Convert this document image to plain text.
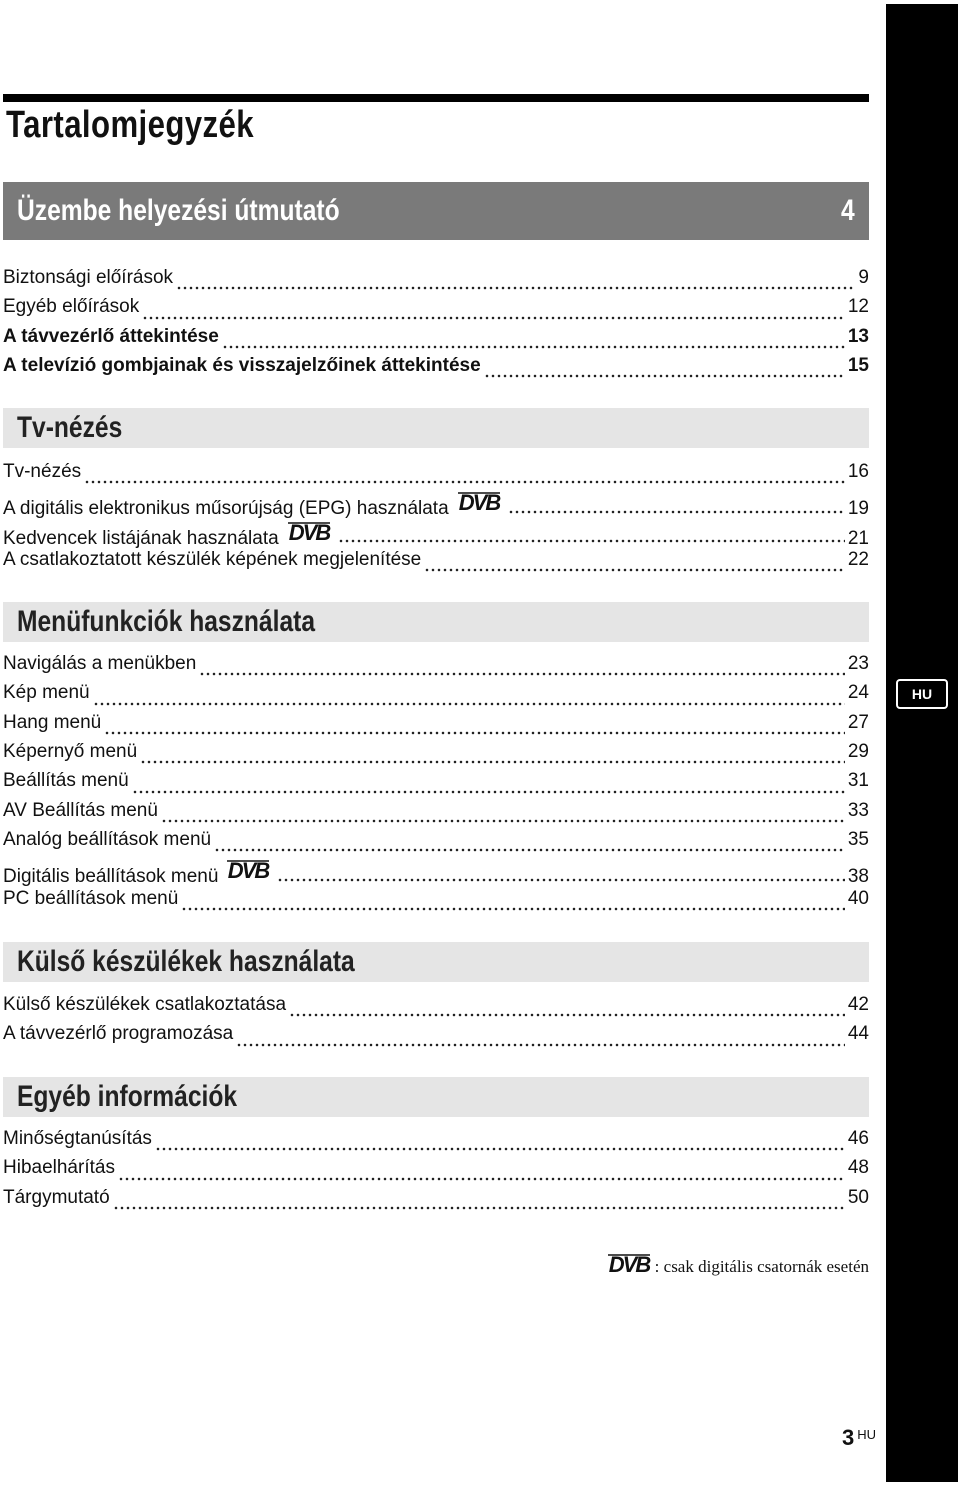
HU
Tartalomjegyzék
Üzembe helyezési útmutató	4
Biztonsági előírások	9
Egyéb előírások	12
A távvezérlő áttekintése	13
A televízió gombjainak és visszajelzőinek áttekintése	15
Tv-nézés
Tv-nézés	16
A digitális elektronikus műsorújság (EPG) használata DVB	19
Kedvencek listájának használata DVB	21
A csatlakoztatott készülék képének megjelenítése	22
Menüfunkciók használata
Navigálás a menükben	23
Kép menü	24
Hang menü	27
Képernyő menü	29
Beállítás menü	31
AV Beállítás menü	33
Analóg beállítások menü	35
Digitális beállítások menü DVB	38
PC beállítások menü	40
Külső készülékek használata
Külső készülékek csatlakoztatása	42
A távvezérlő programozása	44
Egyéb információk
Minőségtanúsítás	46
Hibaelhárítás	48
Tárgymutató	50
DVB : csak digitális csatornák esetén
3 $^{HU}$
